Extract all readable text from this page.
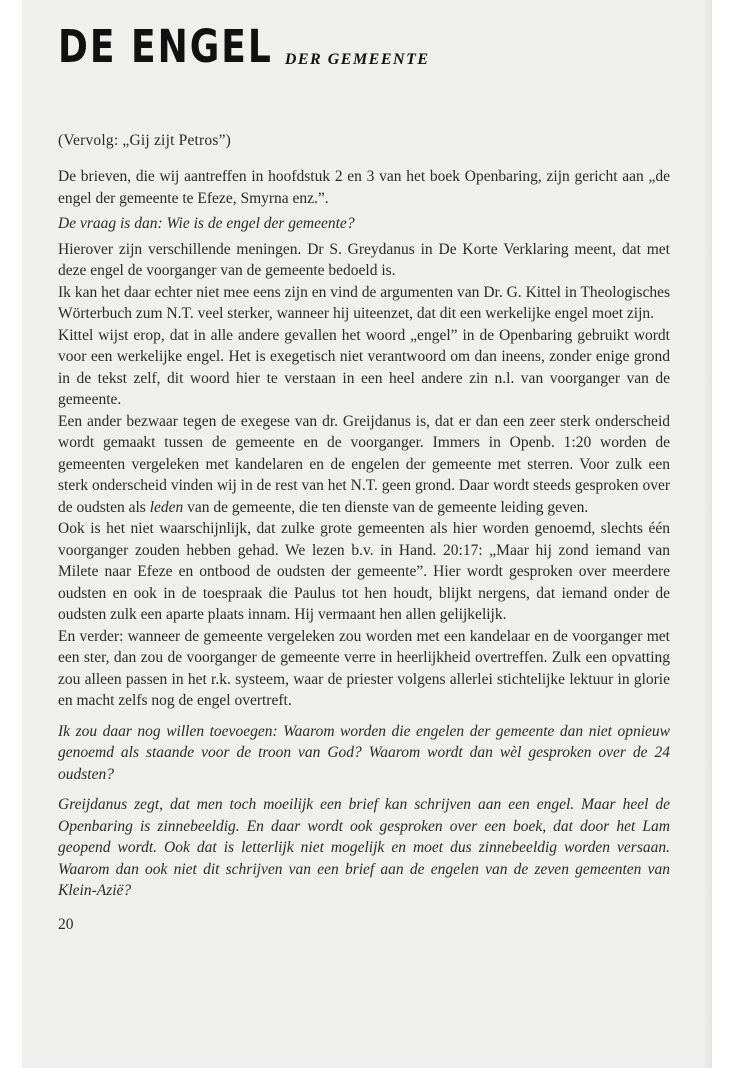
DE ENGEL DER GEMEENTE
(Vervolg: „Gij zijt Petros”)

De brieven, die wij aantreffen in hoofdstuk 2 en 3 van het boek Openbaring, zijn gericht aan „de engel der gemeente te Efeze, Smyrna enz.”.

De vraag is dan: Wie is de engel der gemeente?

Hierover zijn verschillende meningen. Dr S. Greydanus in De Korte Verklaring meent, dat met deze engel de voorganger van de gemeente bedoeld is.

Ik kan het daar echter niet mee eens zijn en vind de argumenten van Dr. G. Kittel in Theologisches Wörterbuch zum N.T. veel sterker, wanneer hij uiteenzet, dat dit een werkelijke engel moet zijn.

Kittel wijst erop, dat in alle andere gevallen het woord „engel” in de Openbaring gebruikt wordt voor een werkelijke engel. Het is exegetisch niet verantwoord om dan ineens, zonder enige grond in de tekst zelf, dit woord hier te verstaan in een heel andere zin n.l. van voorganger van de gemeente.

Een ander bezwaar tegen de exegese van dr. Greijdanus is, dat er dan een zeer sterk onderscheid wordt gemaakt tussen de gemeente en de voorganger. Immers in Openb. 1:20 worden de gemeenten vergeleken met kandelaren en de engelen der gemeente met sterren. Voor zulk een sterk onderscheid vinden wij in de rest van het N.T. geen grond. Daar wordt steeds gesproken over de oudsten als leden van de gemeente, die ten dienste van de gemeente leiding geven.

Ook is het niet waarschijnlijk, dat zulke grote gemeenten als hier worden genoemd, slechts één voorganger zouden hebben gehad. We lezen b.v. in Hand. 20:17: „Maar hij zond iemand van Milete naar Efeze en ontbood de oudsten der gemeente”. Hier wordt gesproken over meerdere oudsten en ook in de toespraak die Paulus tot hen houdt, blijkt nergens, dat iemand onder de oudsten zulk een aparte plaats innam. Hij vermaant hen allen gelijkelijk.

En verder: wanneer de gemeente vergeleken zou worden met een kandelaar en de voorganger met een ster, dan zou de voorganger de gemeente verre in heerlijkheid overtreffen. Zulk een opvatting zou alleen passen in het r.k. systeem, waar de priester volgens allerlei stichtelijke lektuur in glorie en macht zelfs nog de engel overtreft.

Ik zou daar nog willen toevoegen: Waarom worden die engelen der gemeente dan niet opnieuw genoemd als staande voor de troon van God? Waarom wordt dan wèl gesproken over de 24 oudsten?

Greijdanus zegt, dat men toch moeilijk een brief kan schrijven aan een engel. Maar heel de Openbaring is zinnebeeldig. En daar wordt ook gesproken over een boek, dat door het Lam geopend wordt. Ook dat is letterlijk niet mogelijk en moet dus zinnebeeldig worden versaan. Waarom dan ook niet dit schrijven van een brief aan de engelen van de zeven gemeenten van Klein-Azië?

20
